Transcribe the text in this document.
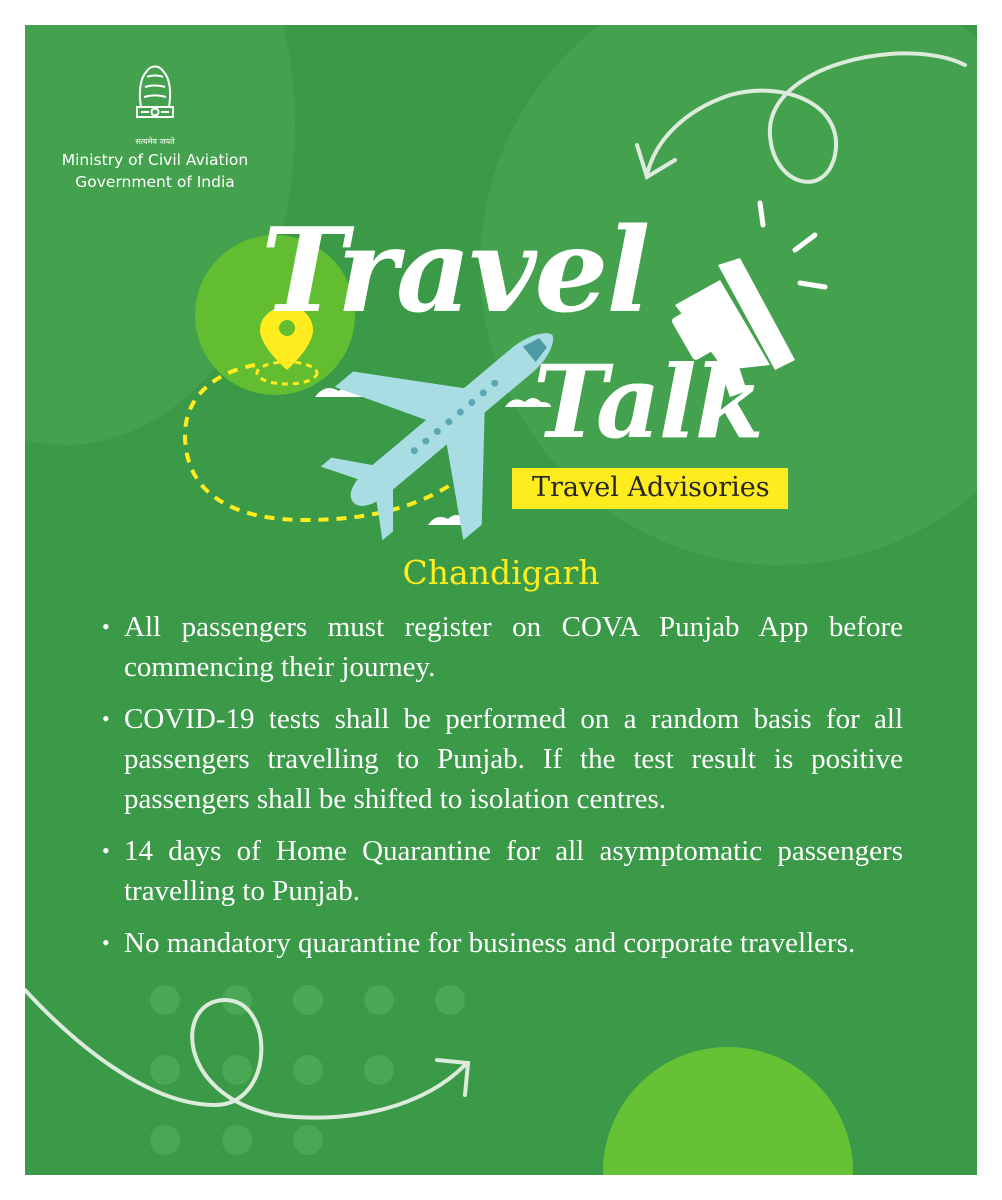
सत्यमेव जयते
Ministry of Civil Aviation
Government of India
Travel
Talk
Travel Advisories
Chandigarh
• All passengers must register on COVA Punjab App before commencing their journey.
• COVID-19 tests shall be performed on a random basis for all passengers travelling to Punjab. If the test result is positive passengers shall be shifted to isolation centres.
• 14 days of Home Quarantine for all asymptomatic passengers travelling to Punjab.
• No mandatory quarantine for business and corporate travellers.
